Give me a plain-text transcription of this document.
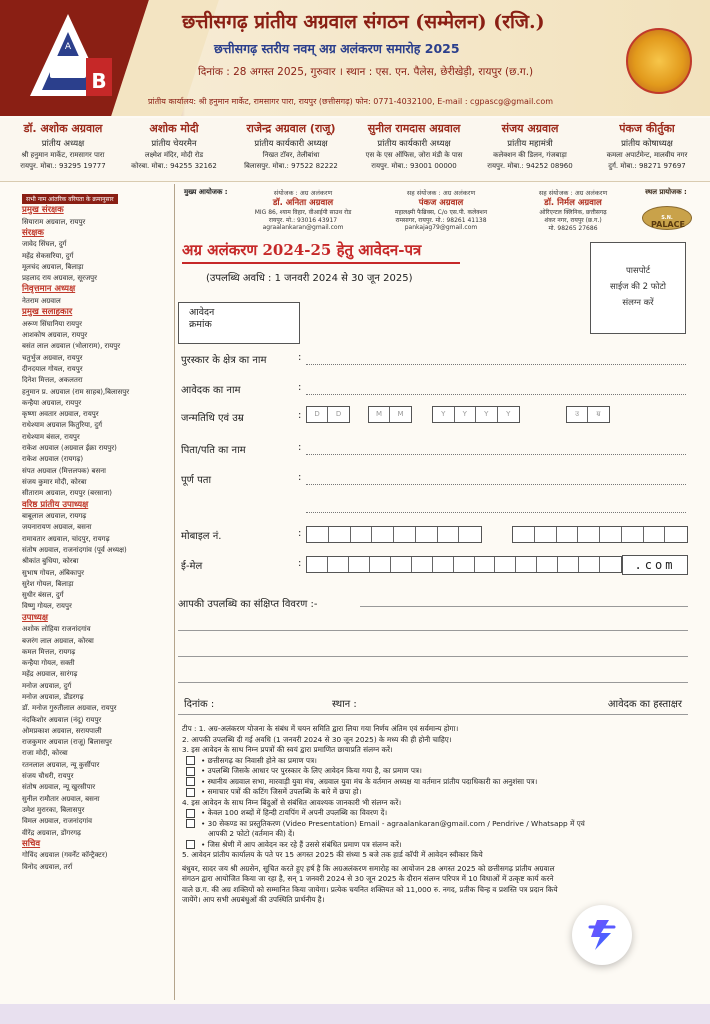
A
B
छत्तीसगढ़ प्रांतीय अग्रवाल संगठन (सम्मेलन) (रजि.)
छत्तीसगढ़ स्तरीय नवम् अग्र अलंकरण समारोह 2025
दिनांक : 28 अगस्त 2025, गुरुवार । स्थान : एस. एन. पैलेस, छेरीखेड़ी, रायपुर (छ.ग.)
प्रांतीय कार्यालय: श्री हनुमान मार्केट, रामसागर पारा, रायपुर (छत्तीसगढ़) फोन: 0771-4032100, E-mail : cgpascg@gmail.com
डॉ. अशोक अग्रवाल
प्रांतीय अध्यक्ष
श्री हनुमान मार्केट, रामसागर पारा
रायपुर. मोबा.: 93295 19777
अशोक मोदी
प्रांतीय चेयरमैन
लक्ष्मेश मंदिर, मोदी रोड
कोरबा. मोबा.: 94255 32162
राजेन्द्र अग्रवाल (राजू)
प्रांतीय कार्यकारी अध्यक्ष
निखत टॉवर, तेलीबांधा
बिलासपुर. मोबा.: 97522 82222
सुनील रामदास अग्रवाल
प्रांतीय कार्यकारी अध्यक्ष
एस के एस ऑफिस, जोरा मंडी के पास
रायपुर. मोबा.: 93001 00000
संजय अग्रवाल
प्रांतीय महामंत्री
कलेक्शन की डिलन, गंजबाड़ा
रायपुर. मोबा.: 94252 08960
पंकज कीर्तुका
प्रांतीय कोषाध्यक्ष
कमला अपार्टमेन्ट, मालवीय नगर
दुर्ग. मोबा.: 98271 97697
सभी नाम आंतरिक वरियता के क्रमानुसार
प्रमुख संरक्षक
सियाराम अग्रवाल, रायपुर
संरक्षक
जावेद सिंघल, दुर्ग
महेंद्र सेकसरिया, दुर्ग
मूलचंद अग्रवाल, बिलाड़ा
प्रहलाद राय अग्रवाल, सूरजपुर
निवृत्तमान अध्यक्ष
नेतराम अग्रवाल
प्रमुख सलाहकार
अरूण सिंघानिया रायपुर
आशकोष अग्रवाल, रायपुर
बसंत लाल अग्रवाल (भोलाराम), रायपुर
चतुर्भुज अग्रवाल, रायपुर
दीनदयाल गोयल, रायपुर
दिनेश मित्तल, अकलतरा
हनुमान प्र. अग्रवाल (राम साहब),बिलासपुर
कन्हैया अग्रवाल, रायपुर
कृष्णा अवतार अग्रवाल, रायपुर
राधेश्याम अग्रवाल कितुरिया, दुर्ग
राधेश्याम बंसल, रायपुर
राकेश अग्रवाल (अग्रवाल ईक्रा रायपुर)
राकेश अग्रवाल (रायगढ़)
संपत अग्रवाल (मित्तलपक) बसना
संजय कुमार मोदी, कोरबा
सीताराम अग्रवाल, रायपुर (बरसाना)
वरिष्ठ प्रांतीय उपाध्यक्ष
बाबूलाल अग्रवाल, रायगढ़
जयनारायण अग्रवाल, बसना
रामावतार अग्रवाल, चांदपुर, रायगढ़
संतोष अग्रवाल, राजनांदगांव (पूर्व अध्यक्ष)
श्रीकांत बुधिया, कोरबा
सुभाष गोयल, अंबिकापुर
सुरेश गोयल, बिलाड़ा
सुधीर बंसल, दुर्ग
विष्णु गोयल, रायपुर
उपाध्यक्ष
अशोक लोहिया राजनांदगांव
बजरंग लाल अग्रवाल, कोरबा
कमल मित्तल, रायगढ़
कन्हैया गोयल, सक्ती
महेंद्र अग्रवाल, सारंगढ़
मनोज अग्रवाल, दुर्ग
मनोज अग्रवाल, डौंडरगढ़
डॉ. मनोज गुरुतीलाल अग्रवाल, रायपुर
नंदकिशोर अग्रवाल (नंदू) रायपुर
ओमप्रकाश अग्रवाल, सरायपाली
राजकुमार अग्रवाल (राजू) बिलासपुर
राजा मोदी, कोरबा
रतनलाल अग्रवाल, न्यू कुर्सीपार
संजय चौधरी, रायपुर
संतोष अग्रवाल, न्यू खुरसीपार
सुनील रामौतार अग्रवाल, बसना
उमेश मुरारका, बिलासपुर
विमल अग्रवाल, राजनांदगांव
वीरेंद्र अग्रवाल, डोंगरगढ़
सचिव
गोविंद अग्रवाल (गवर्नेंट कॉन्ट्रैक्टर)
विनोद अग्रवाल, तर्रा
मुख्य आयोजक :	संयोजक : अग्र अलंकरण
डॉ. अनिता अग्रवाल
MIG 86, श्याम विहार, वीआईपी साउथ रोड
रायपुर. मो.: 93016 43917
agraalankaran@gmail.com
सह संयोजक : अग्र अलंकरण
पंकज अग्रवाल
महालक्ष्मी फैब्रिक्स, C/o एस.पी. कलेक्शन
रामसागर, रायपुर. मो.: 98261 41138
pankajag79@gmail.com
सह संयोजक : अग्र अलंकरण
डॉ. निर्मल अग्रवाल
ओरिएन्टल क्लिनिक, छत्तीसगढ़
शंकर नगर, रायपुर (छ.ग.)
मो. 98265 27686
स्थल प्रायोजक :
S.N.
PALACE
अग्र अलंकरण 2024-25 हेतु आवेदन-पत्र
(उपलब्धि अवधि : 1 जनवरी 2024 से 30 जून 2025)
पासपोर्ट
साईज की 2 फोटो
संलग्न करें
आवेदन
क्रमांक
पुरस्कार के क्षेत्र का नाम	:
आवेदक का नाम	:
जन्मतिथि एवं उम्र	:	D	D	M	M	Y	Y	Y	Y	उ	म्र
पिता/पति का नाम	:
पूर्ण पता	:
मोबाइल नं.	:
ई-मेल	:	.com
आपकी उपलब्धि का संक्षिप्त विवरण :-
दिनांक :	स्थान :	आवेदक का हस्ताक्षर
टीप : 1. अग्र-अलंकरण योजना के संबंध में चयन समिति द्वारा लिया गया निर्णय अंतिम एवं सर्वमान्य होगा।
2. आपकी उपलब्धि दी गई अवधि (1 जनवरी 2024 से 30 जून 2025) के मध्य की ही होनी चाहिए।
3. इस आवेदन के साथ निम्न प्रपत्रों की स्वयं द्वारा प्रमाणित छायाप्रति संलग्न करें।
• छत्तीसगढ़ का निवासी होने का प्रमाण पत्र।
• उपलब्धि जिसके आधार पर पुरस्कार के लिए आवेदन किया गया है, का प्रमाण पत्र।
• स्थानीय अग्रवाल सभा, मारवाड़ी युवा मंच, अग्रवाल युवा मंच के वर्तमान अध्यक्ष या वर्तमान प्रांतीय पदाधिकारी का अनुशंसा पत्र।
• समाचार पत्रों की कटिंग जिसमें उपलब्धि के बारे में छपा हो।
4. इस आवेदन के साथ निम्न बिंदुओं से संबंधित आवश्यक जानकारी भी संलग्न करें।
• केवल 100 शब्दों में हिन्दी टायपिंग में अपनी उपलब्धि का विवरण दें।
• 30 सेकण्ड का प्रस्तुतिकरण (Video Presentation) Email - agraalankaran@gmail.com / Pendrive / Whatsapp में एवं
आपकी 2 फोटो (वर्तमान की) दें।
• जिस श्रेणी में आप आवेदन कर रहे हैं उससे संबंधित प्रमाण पत्र संलग्न करें।
5. आवेदन प्रांतीय कार्यालय के पते पर 15 अगस्त 2025 की संध्या 5 बजे तक हार्ड कॉपी में आवेदन स्वीकार किये
बंधुवर, सादर जय श्री अग्रसेन, सूचित करते हुए हर्ष है कि अग्रअलंकरण समारोह का आयोजन 28 अगस्त 2025 को छत्तीसगढ़ प्रांतीय अग्रवाल
संगठन द्वारा आयोजित किया जा रहा है, सन् 1 जनवरी 2024 से 30 जून 2025 के दौरान संलग्न परिपत्र में 10 विधाओं में उत्कृष्ट कार्य करने
वाले छ.ग. की अग्र शक्तियों को सम्मानित किया जायेगा। प्रत्येक चयनित शक्तियत को 11,000 रु. नगद, प्रतीक चिन्ह व प्रशस्ति पत्र प्रदान किये
जायेंगे। आप सभी अग्रबंधुओं की उपस्थिति प्रार्थनीय है।
